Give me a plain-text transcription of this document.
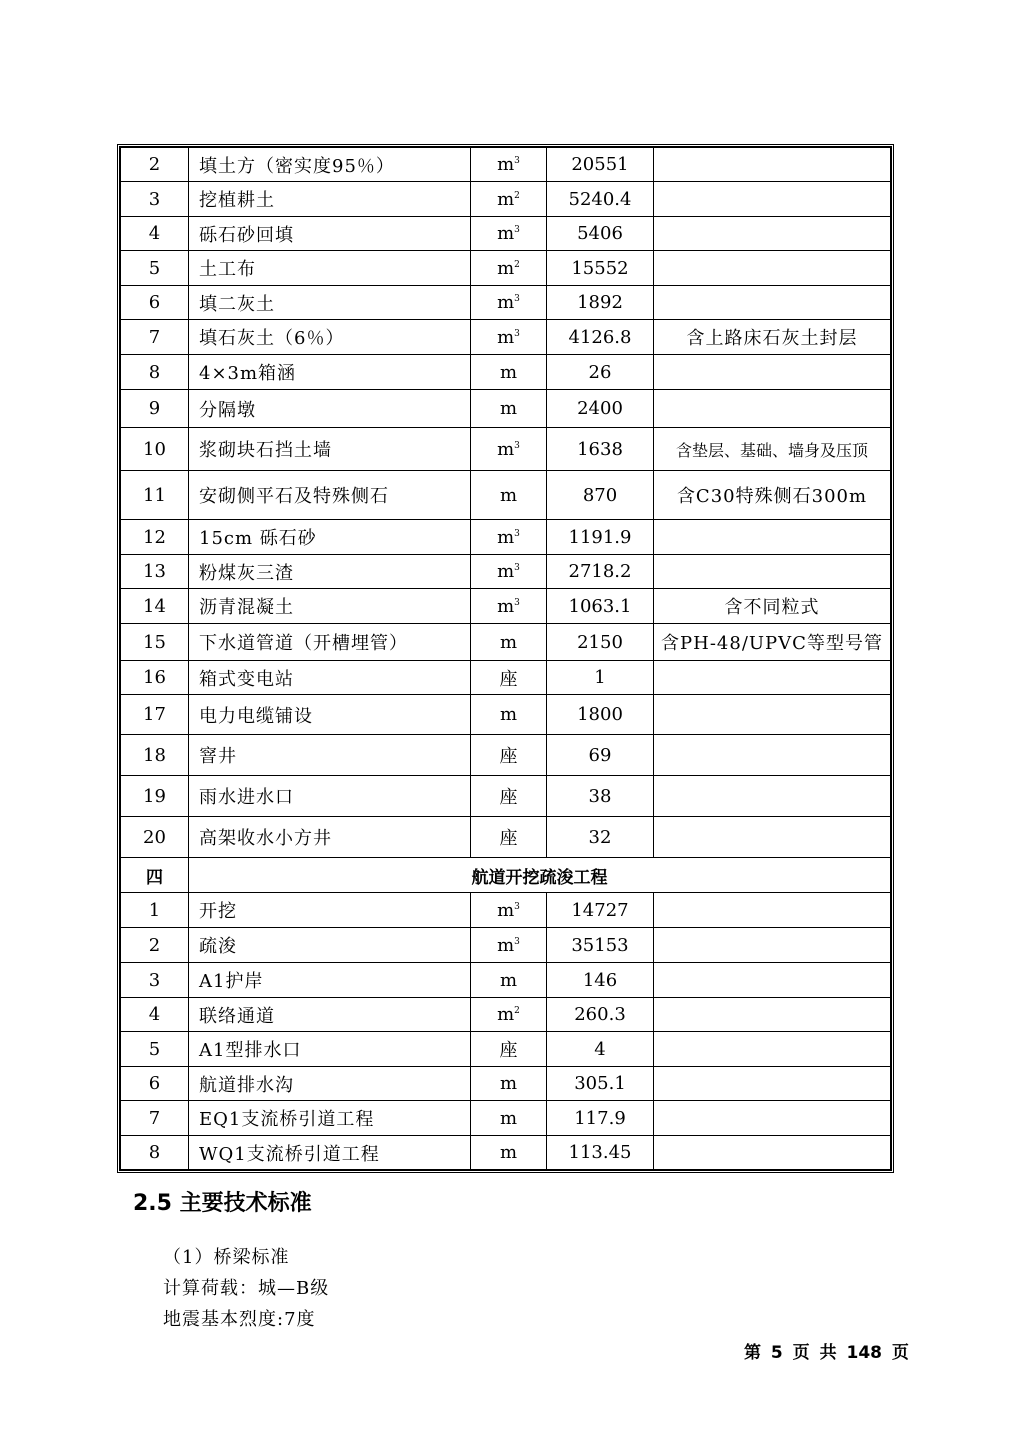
2	填土方（密实度95％）	$m^3$	20551	
3	挖植耕土	$m^2$	5240.4	
4	砾石砂回填	$m^3$	5406	
5	土工布	$m^2$	15552	
6	填二灰土	$m^3$	1892	
7	填石灰土（6％）	$m^3$	4126.8	含上路床石灰土封层
8	4×3m箱涵	m	26	
9	分隔墩	m	2400	
10	浆砌块石挡土墙	$m^3$	1638	含垫层、基础、墙身及压顶
11	安砌侧平石及特殊侧石	m	870	含C30特殊侧石300m
12	15cm 砾石砂	$m^3$	1191.9	
13	粉煤灰三渣	$m^3$	2718.2	
14	沥青混凝土	$m^3$	1063.1	含不同粒式
15	下水道管道（开槽埋管）	m	2150	含PH-48/UPVC等型号管
16	箱式变电站	座	1	
17	电力电缆铺设	m	1800	
18	窨井	座	69	
19	雨水进水口	座	38	
20	高架收水小方井	座	32	
四	航道开挖疏浚工程			
1	开挖	$m^3$	14727	
2	疏浚	$m^3$	35153	
3	A1护岸	m	146	
4	联络通道	$m^2$	260.3	
5	A1型排水口	座	4	
6	航道排水沟	m	305.1	
7	EQ1支流桥引道工程	m	117.9	
8	WQ1支流桥引道工程	m	113.45	
2.5 主要技术标准
（1）桥梁标准
计算荷载：城—B级
地震基本烈度:7度
第 5 页 共 148 页
